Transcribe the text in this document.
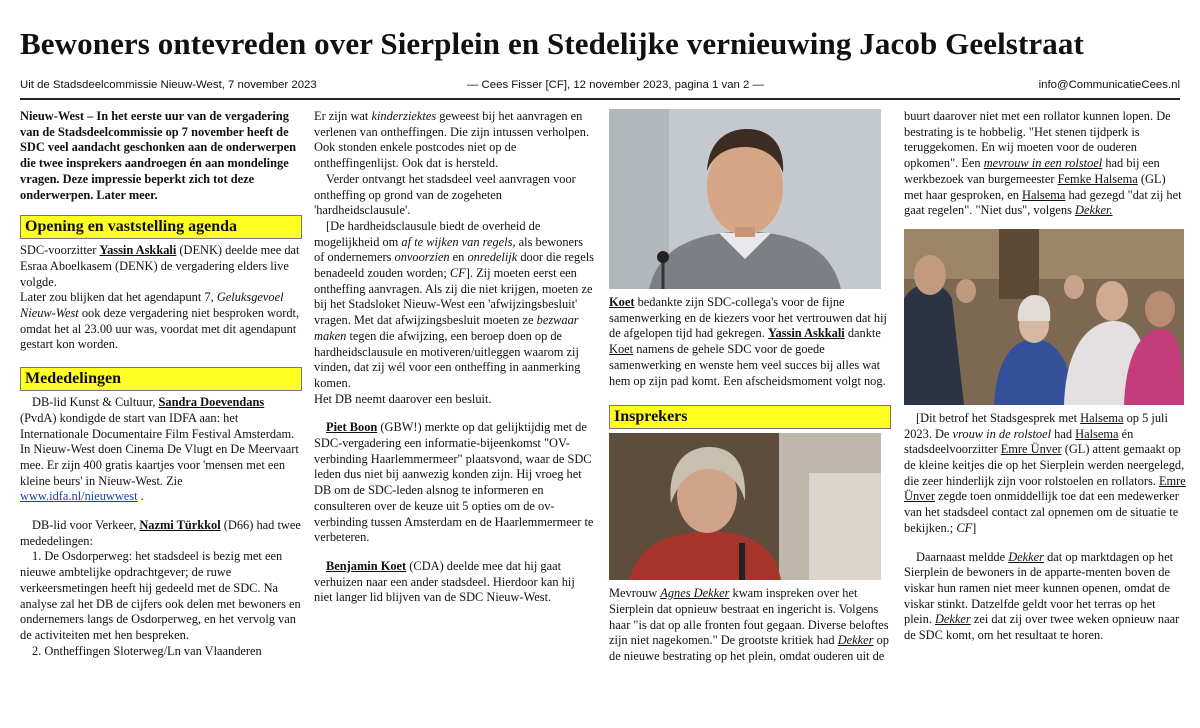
Bewoners ontevreden over Sierplein en Stedelijke vernieuwing Jacob Geelstraat
Uit de Stadsdeelcommissie Nieuw-West, 7 november 2023	— Cees Fisser [CF], 12 november 2023, pagina 1 van 2 —	info@CommunicatieCees.nl

Nieuw-West – In het eerste uur van de vergadering van de Stadsdeelcommissie op 7 november heeft de SDC veel aandacht geschonken aan de onderwerpen die twee insprekers aandroegen én aan mondelinge vragen. Deze impressie beperkt zich tot deze onderwerpen. Later meer.

Opening en vaststelling agenda

SDC-voorzitter Yassin Askkali (DENK) deelde mee dat Esraa Aboelkasem (DENK) de vergadering elders live volgde.

Later zou blijken dat het agendapunt 7, Geluksgevoel Nieuw-West ook deze vergadering niet besproken wordt, omdat het al 23.00 uur was, voordat met dit agendapunt gestart kon worden.

Mededelingen

DB-lid Kunst & Cultuur, Sandra Doevendans (PvdA) kondigde de start van IDFA aan: het Internationale Documentaire Film Festival Amsterdam. In Nieuw-West doen Cinema De Vlugt en De Meervaart mee. Er zijn 400 gratis kaartjes voor 'mensen met een kleine beurs' in Nieuw-West. Zie www.idfa.nl/nieuwwest .

DB-lid voor Verkeer, Nazmi Türkkol (D66) had twee mededelingen:

1. De Osdorperweg: het stadsdeel is bezig met een nieuwe ambtelijke opdrachtgever; de ruwe verkeersmetingen heeft hij gedeeld met de SDC. Na analyse zal het DB de cijfers ook delen met bewoners en ondernemers langs de Osdorperweg, en het vervolg van de activiteiten met hen bespreken.

2. Ontheffingen Sloterweg/Ln van Vlaanderen

Er zijn wat kinderziektes geweest bij het aanvragen en verlenen van ontheffingen. Die zijn intussen verholpen. Ook stonden enkele postcodes niet op de ontheffingenlijst. Ook dat is hersteld.

Verder ontvangt het stadsdeel veel aanvragen voor ontheffing op grond van de zogeheten 'hardheidsclausule'.

[De hardheidsclausule biedt de overheid de mogelijkheid om af te wijken van regels, als bewoners of ondernemers onvoorzien en onredelijk door die regels benadeeld zouden worden; CF]. Zij moeten eerst een ontheffing aanvragen. Als zij die niet krijgen, moeten ze bij het Stadsloket Nieuw-West een 'afwijzingsbesluit' vragen. Met dat afwijzingsbesluit moeten ze bezwaar maken tegen die afwijzing, een beroep doen op de hardheidsclausule en motiveren/uitleggen waarom zij vinden, dat zij wél voor een ontheffing in aanmerking komen.

Het DB neemt daarover een besluit.

Piet Boon (GBW!) merkte op dat gelijktijdig met de SDC-vergadering een informatie-bijeenkomst "OV-verbinding Haarlemmermeer" plaatsvond, waar de SDC leden dus niet bij aanwezig konden zijn. Hij vroeg het DB om de SDC-leden alsnog te informeren en consulteren over de keuze uit 5 opties om de ov-verbinding tussen Amsterdam en de Haarlemmermeer te verbeteren.

Benjamin Koet (CDA) deelde mee dat hij gaat verhuizen naar een ander stadsdeel. Hierdoor kan hij niet langer lid blijven van de SDC Nieuw-West.

Koet bedankte zijn SDC-collega's voor de fijne samenwerking en de kiezers voor het vertrouwen dat hij de afgelopen tijd had gekregen. Yassin Askkali dankte Koet namens de gehele SDC voor de goede samenwerking en wenste hem veel succes bij alles wat hem op zijn pad komt. Een afscheidsmoment volgt nog.

Insprekers

Mevrouw Agnes Dekker kwam inspreken over het Sierplein dat opnieuw bestraat en ingericht is. Volgens haar "is dat op alle fronten fout gegaan. Diverse beloftes zijn niet nagekomen." De grootste kritiek had Dekker op de nieuwe bestrating op het plein, omdat ouderen uit de

buurt daarover niet met een rollator kunnen lopen. De bestrating is te hobbelig. "Het stenen tijdperk is teruggekomen. En wij moeten voor de ouderen opkomen". Een mevrouw in een rolstoel had bij een werkbezoek van burgemeester Femke Halsema (GL) met haar gesproken, en Halsema had gezegd "dat zij het gaat regelen". "Niet dus", volgens Dekker.

[Dit betrof het Stadsgesprek met Halsema op 5 juli 2023. De vrouw in de rolstoel had Halsema én stadsdeelvoorzitter Emre Ünver (GL) attent gemaakt op de kleine keitjes die op het Sierplein werden neergelegd, die zeer hinderlijk zijn voor rolstoelen en rollators. Emre Ünver zegde toen onmiddellijk toe dat een medewerker van het stadsdeel contact zal opnemen om de situatie te bekijken.; CF]

Daarnaast meldde Dekker dat op marktdagen op het Sierplein de bewoners in de apparte-menten boven de viskar hun ramen niet meer kunnen openen, omdat de viskar stinkt. Datzelfde geldt voor het terras op het plein. Dekker zei dat zij over twee weken opnieuw naar de SDC komt, om het resultaat te horen.
